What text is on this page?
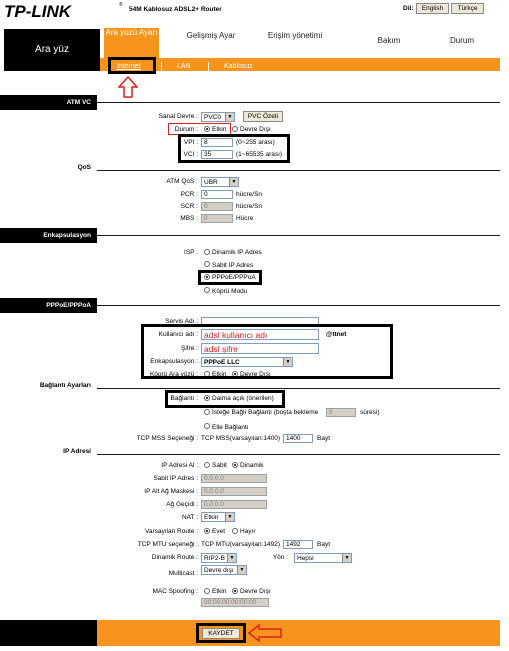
TP-LINK	®
54M Kablosuz ADSL2+ Router	Dil:	English	Türkçe
Ara yüz
Ara yüzü Ayarı	Gelişmiş Ayar	Erişim yönetimi
Bakım	Durum
Internet	LAN	Kablosuz
ATM VC
Sanal Devre : PVC0 ▼	PVC Özeti
Durum : Etkin Devre Dışı
VPI : 8	(0~255 arası)
VCI : 35	(1~65535 arası)
QoS
ATM QoS : UBR ▼
PCR : 0	hücre/Sn
SCR : 0	hücre/Sn
MBS : 0	Hücre
Enkapsulasyon
ISP : Dinamik IP Adres
Sabit IP Adres
PPPoE/PPPoA
Köprü Modu
PPPoE/PPPoA
Servis Adı :
Kullanıcı adı : adsl kullanıcı adı	@ttnet
Şifre : adsl şifre
Enkapsulasyon : PPPoE LLC ▼
Köprü Ara yüzü : Etkin Devre Dışı
Bağlantı Ayarları
Bağlantı : Daima açık (önerilen)
İsteğe Bağlı Bağlantı (boşta bekleme	0	süresi)
Elle Bağlantı
TCP MSS Seçeneği : TCP MSS(varsayılan:1400) 1400	Bayt
IP Adresi
IP Adresi Al : Sabit Dinamik
Sabit IP Adres : 0.0.0.0
IP Alt Ağ Maskesi : 0.0.0.0
Ağ Geçidi : 0.0.0.0
NAT : Etkin ▼
Varsayılan Route : Evet Hayır
TCP MTU seçeneği : TCP MTU(varsayılan:1492) 1492	Bayt
Dinamik Route : RIP2-B ▼	Yön :	Hepsi ▼
Multicast : Devre dışı ▼
MAC Spoofing : Etkin Devre Dışı
00:00:00:00:00:00
KAYDET
